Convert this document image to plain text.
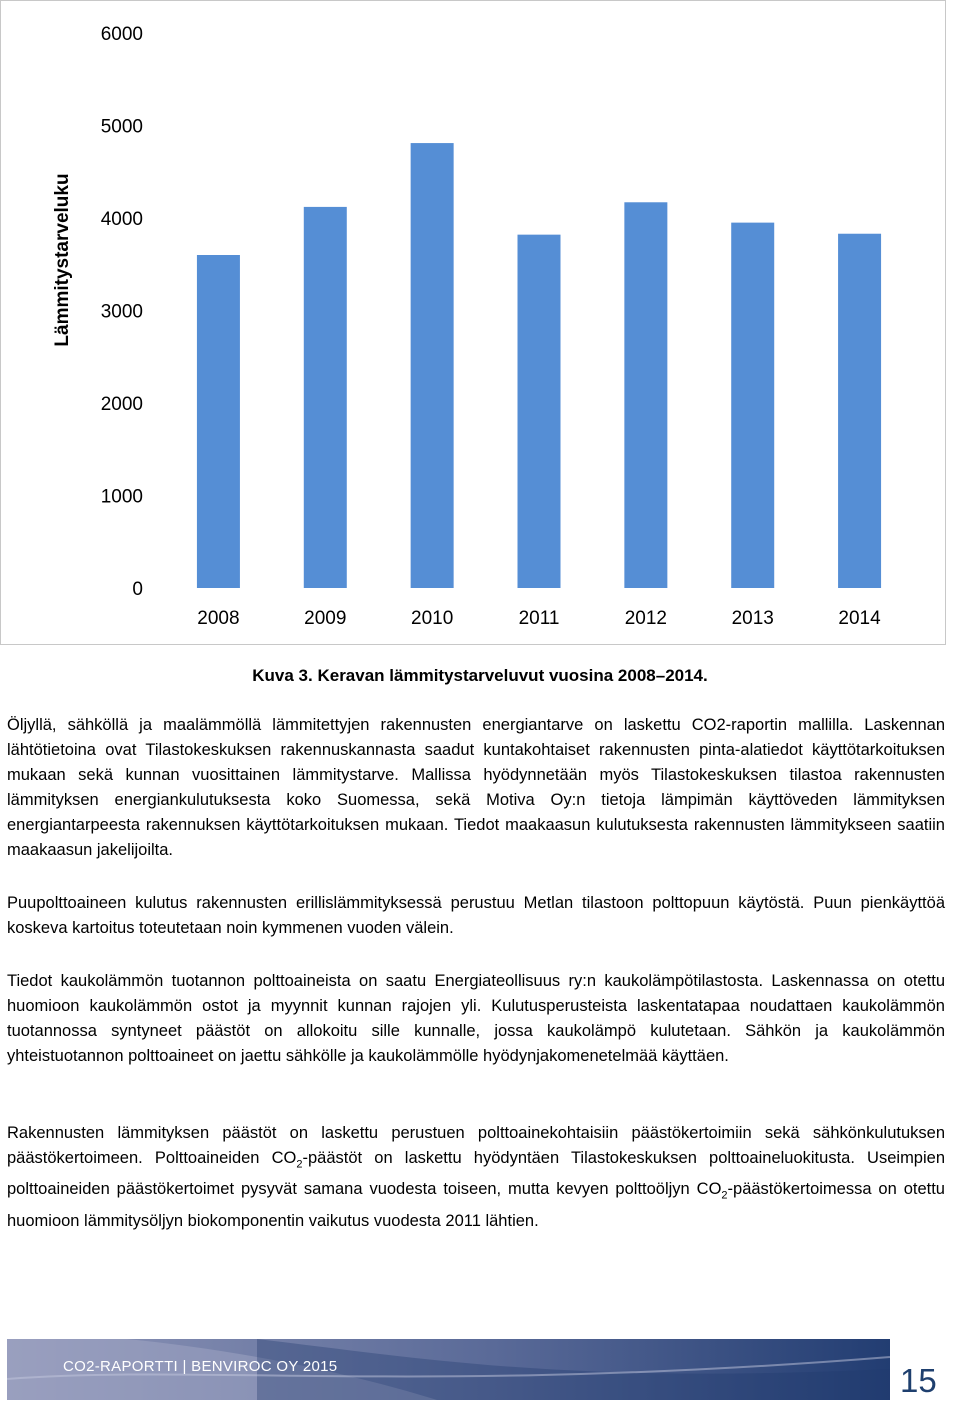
Lämmitystarveluku
0
1000
2000
3000
4000
5000
6000
2008	2009	2010	2011	2012	2013	2014
Kuva 3. Keravan lämmitystarveluvut vuosina 2008–2014.

Öljyllä, sähköllä ja maalämmöllä lämmitettyjen rakennusten energiantarve on laskettu CO2-raportin mallilla. Laskennan lähtötietoina ovat Tilastokeskuksen rakennuskannasta saadut kuntakohtaiset rakennusten pinta-alatiedot käyttötarkoituksen mukaan sekä kunnan vuosittainen lämmitystarve. Mallissa hyödynnetään myös Tilastokeskuksen tilastoa rakennusten lämmityksen energiankulutuksesta koko Suomessa, sekä Motiva Oy:n tietoja lämpimän käyttöveden lämmityksen energiantarpeesta rakennuksen käyttötarkoituksen mukaan. Tiedot maakaasun kulutuksesta rakennusten lämmitykseen saatiin maakaasun jakelijoilta.

Puupolttoaineen kulutus rakennusten erillislämmityksessä perustuu Metlan tilastoon polttopuun käytöstä. Puun pienkäyttöä koskeva kartoitus toteutetaan noin kymmenen vuoden välein.

Tiedot kaukolämmön tuotannon polttoaineista on saatu Energiateollisuus ry:n kaukolämpötilastosta. Laskennassa on otettu huomioon kaukolämmön ostot ja myynnit kunnan rajojen yli. Kulutusperusteista laskentatapaa noudattaen kaukolämmön tuotannossa syntyneet päästöt on allokoitu sille kunnalle, jossa kaukolämpö kulutetaan. Sähkön ja kaukolämmön yhteistuotannon polttoaineet on jaettu sähkölle ja kaukolämmölle hyödynjakomenetelmää käyttäen.

Rakennusten lämmityksen päästöt on laskettu perustuen polttoainekohtaisiin päästökertoimiin sekä sähkönkulutuksen päästökertoimeen. Polttoaineiden $CO_2$-päästöt on laskettu hyödyntäen Tilastokeskuksen polttoaineluokitusta. Useimpien polttoaineiden päästökertoimet pysyvät samana vuodesta toiseen, mutta kevyen polttoöljyn $CO_2$-päästökertoimessa on otettu huomioon lämmitysöljyn biokomponentin vaikutus vuodesta 2011 lähtien.

CO2-RAPORTTI | BENVIROC OY 2015	15
